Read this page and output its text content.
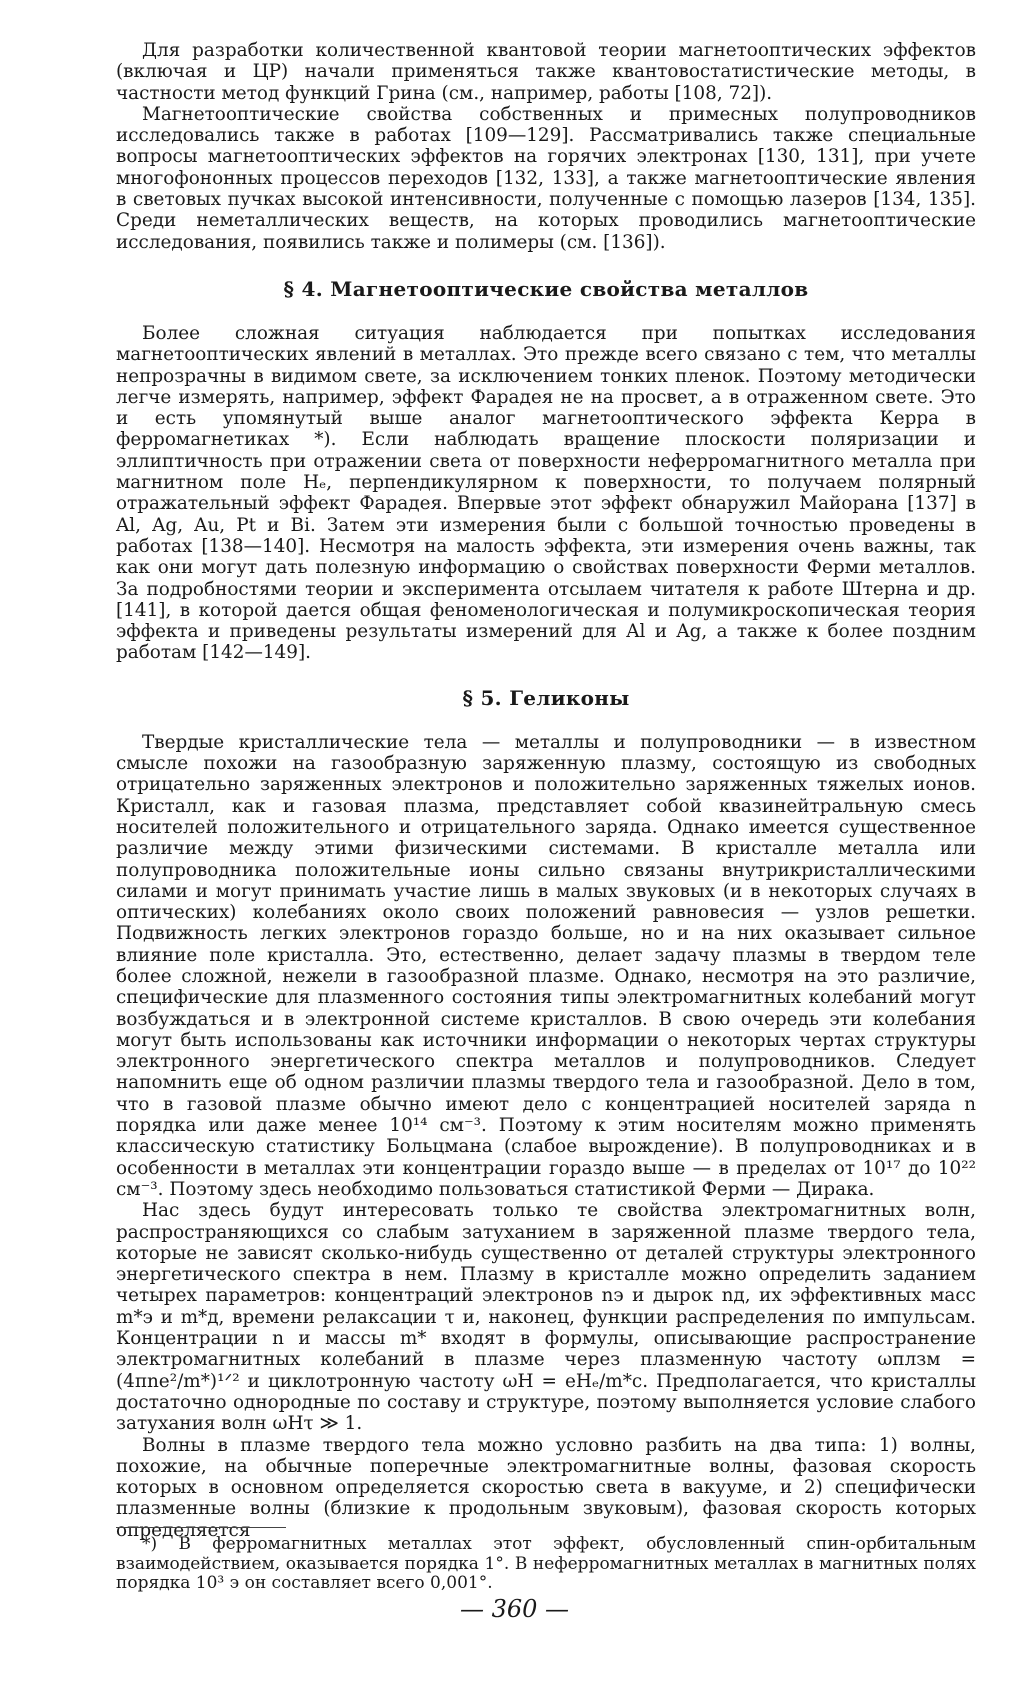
Для разработки количественной квантовой теории магнетооптических эффектов (включая и ЦР) начали применяться также квантовостатистические методы, в частности метод функций Грина (см., например, работы [108, 72]).

Магнетооптические свойства собственных и примесных полупроводников исследовались также в работах [109—129]. Рассматривались также специальные вопросы магнетооптических эффектов на горячих электронах [130, 131], при учете многофононных процессов переходов [132, 133], а также магнетооптические явления в световых пучках высокой интенсивности, полученные с помощью лазеров [134, 135]. Среди неметаллических веществ, на которых проводились магнетооптические исследования, появились также и полимеры (см. [136]).

§ 4. Магнетооптические свойства металлов

Более сложная ситуация наблюдается при попытках исследования магнетооптических явлений в металлах. Это прежде всего связано с тем, что металлы непрозрачны в видимом свете, за исключением тонких пленок. Поэтому методически легче измерять, например, эффект Фарадея не на просвет, а в отраженном свете. Это и есть упомянутый выше аналог магнетооптического эффекта Керра в ферромагнетиках *). Если наблюдать вращение плоскости поляризации и эллиптичность при отражении света от поверхности неферромагнитного металла при магнитном поле Hₑ, перпендикулярном к поверхности, то получаем полярный отражательный эффект Фарадея. Впервые этот эффект обнаружил Майорана [137] в Al, Ag, Au, Pt и Bi. Затем эти измерения были с большой точностью проведены в работах [138—140]. Несмотря на малость эффекта, эти измерения очень важны, так как они могут дать полезную информацию о свойствах поверхности Ферми металлов. За подробностями теории и эксперимента отсылаем читателя к работе Штерна и др. [141], в которой дается общая феноменологическая и полумикроскопическая теория эффекта и приведены результаты измерений для Al и Ag, а также к более поздним работам [142—149].

§ 5. Геликоны

Твердые кристаллические тела — металлы и полупроводники — в известном смысле похожи на газообразную заряженную плазму, состоящую из свободных отрицательно заряженных электронов и положительно заряженных тяжелых ионов. Кристалл, как и газовая плазма, представляет собой квазинейтральную смесь носителей положительного и отрицательного заряда. Однако имеется существенное различие между этими физическими системами. В кристалле металла или полупроводника положительные ионы сильно связаны внутрикристаллическими силами и могут принимать участие лишь в малых звуковых (и в некоторых случаях в оптических) колебаниях около своих положений равновесия — узлов решетки. Подвижность легких электронов гораздо больше, но и на них оказывает сильное влияние поле кристалла. Это, естественно, делает задачу плазмы в твердом теле более сложной, нежели в газообразной плазме. Однако, несмотря на это различие, специфические для плазменного состояния типы электромагнитных колебаний могут возбуждаться и в электронной системе кристаллов. В свою очередь эти колебания могут быть использованы как источники информации о некоторых чертах структуры электронного энергетического спектра металлов и полупроводников. Следует напомнить еще об одном различии плазмы твердого тела и газообразной. Дело в том, что в газовой плазме обычно имеют дело с концентрацией носителей заряда n порядка или даже менее 10¹⁴ см⁻³. Поэтому к этим носителям можно применять классическую статистику Больцмана (слабое вырождение). В полупроводниках и в особенности в металлах эти концентрации гораздо выше — в пределах от 10¹⁷ до 10²² см⁻³. Поэтому здесь необходимо пользоваться статистикой Ферми — Дирака.

Нас здесь будут интересовать только те свойства электромагнитных волн, распространяющихся со слабым затуханием в заряженной плазме твердого тела, которые не зависят сколько-нибудь существенно от деталей структуры электронного энергетического спектра в нем. Плазму в кристалле можно определить заданием четырех параметров: концентраций электронов nэ и дырок nд, их эффективных масс m*э и m*д, времени релаксации τ и, наконец, функции распределения по импульсам. Концентрации n и массы m* входят в формулы, описывающие распространение электромагнитных колебаний в плазме через плазменную частоту ωплзм = (4πne²/m*)¹ᐟ² и циклотронную частоту ωH = eHₑ/m*c. Предполагается, что кристаллы достаточно однородные по составу и структуре, поэтому выполняется условие слабого затухания волн ωHτ ≫ 1.

Волны в плазме твердого тела можно условно разбить на два типа: 1) волны, похожие, на обычные поперечные электромагнитные волны, фазовая скорость которых в основном определяется скоростью света в вакууме, и 2) специфически плазменные волны (близкие к продольным звуковым), фазовая скорость которых определяется

*) В ферромагнитных металлах этот эффект, обусловленный спин-орбитальным взаимодействием, оказывается порядка 1°. В неферромагнитных металлах в магнитных полях порядка 10³ э он составляет всего 0,001°.

— 360 —
